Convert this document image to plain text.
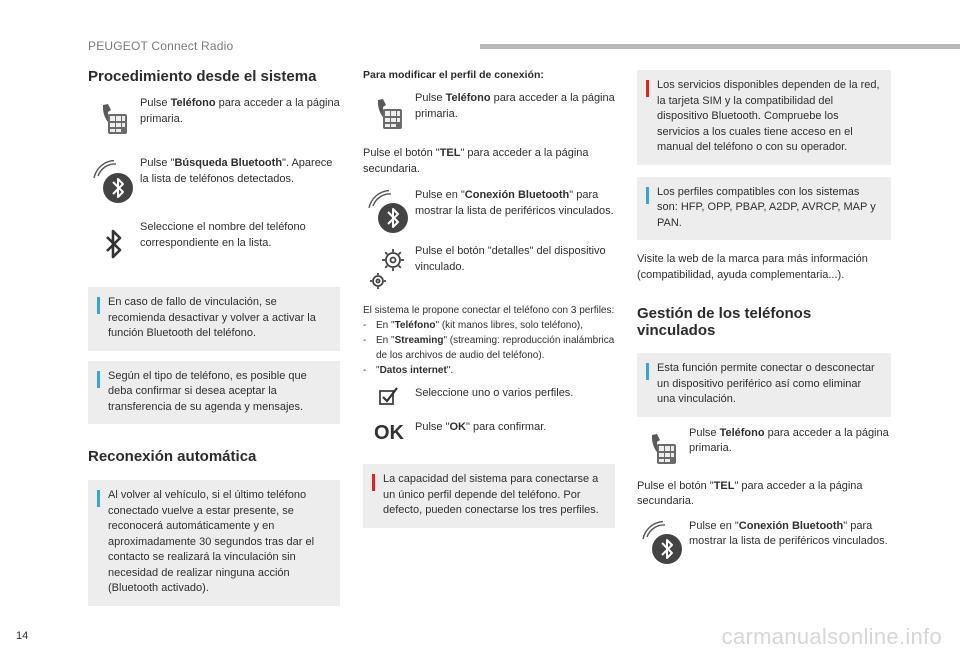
PEUGEOT Connect Radio
14	carmanualsonline.info
Procedimiento desde el sistema
Pulse Teléfono para acceder a la página primaria.
Pulse "Búsqueda Bluetooth". Aparece la lista de teléfonos detectados.
Seleccione el nombre del teléfono correspondiente en la lista.
En caso de fallo de vinculación, se recomienda desactivar y volver a activar la función Bluetooth del teléfono.
Según el tipo de teléfono, es posible que deba confirmar si desea aceptar la transferencia de su agenda y mensajes.
Reconexión automática
Al volver al vehículo, si el último teléfono conectado vuelve a estar presente, se reconocerá automáticamente y en aproximadamente 30 segundos tras dar el contacto se realizará la vinculación sin necesidad de realizar ninguna acción (Bluetooth activado).
Para modificar el perfil de conexión:
Pulse Teléfono para acceder a la página primaria.
Pulse el botón "TEL" para acceder a la página secundaria.
Pulse en "Conexión Bluetooth" para mostrar la lista de periféricos vinculados.
Pulse el botón "detalles" del dispositivo vinculado.
El sistema le propone conectar el teléfono con 3 perfiles:
- En "Teléfono" (kit manos libres, solo teléfono),
- En "Streaming" (streaming: reproducción inalámbrica de los archivos de audio del teléfono).
- "Datos internet".
Seleccione uno o varios perfiles.
OK Pulse "OK" para confirmar.
La capacidad del sistema para conectarse a un único perfil depende del teléfono. Por defecto, pueden conectarse los tres perfiles.
Los servicios disponibles dependen de la red, la tarjeta SIM y la compatibilidad del dispositivo Bluetooth. Compruebe los servicios a los cuales tiene acceso en el manual del teléfono o con su operador.
Los perfiles compatibles con los sistemas son: HFP, OPP, PBAP, A2DP, AVRCP, MAP y PAN.
Visite la web de la marca para más información (compatibilidad, ayuda complementaria...).
Gestión de los teléfonos vinculados
Esta función permite conectar o desconectar un dispositivo periférico así como eliminar una vinculación.
Pulse Teléfono para acceder a la página primaria.
Pulse el botón "TEL" para acceder a la página secundaria.
Pulse en "Conexión Bluetooth" para mostrar la lista de periféricos vinculados.
